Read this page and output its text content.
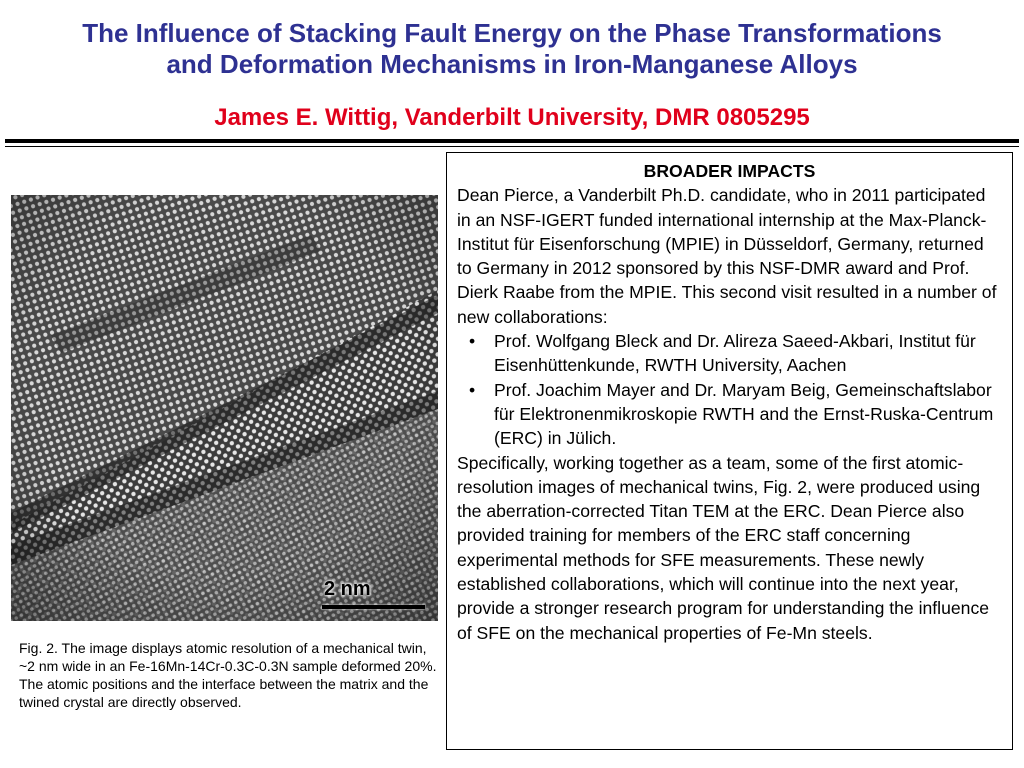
The Influence of Stacking Fault Energy on the Phase Transformations
and Deformation Mechanisms in Iron-Manganese Alloys
James E. Wittig, Vanderbilt University, DMR 0805295
2 nm
Fig. 2. The image displays atomic resolution of a mechanical twin, ~2 nm wide in an Fe-16Mn-14Cr-0.3C-0.3N sample deformed 20%. The atomic positions and the interface between the matrix and the twined crystal are directly observed.
BROADER IMPACTS

Dean Pierce, a Vanderbilt Ph.D. candidate, who in 2011 participated in an NSF-IGERT funded international internship at the Max-Planck-Institut für Eisenforschung (MPIE) in Düsseldorf, Germany, returned to Germany in 2012 sponsored by this NSF-DMR award and Prof. Dierk Raabe from the MPIE. This second visit resulted in a number of new collaborations:

• Prof. Wolfgang Bleck and Dr. Alireza Saeed-Akbari, Institut für Eisenhüttenkunde, RWTH University, Aachen
• Prof. Joachim Mayer and Dr. Maryam Beig, Gemeinschaftslabor für Elektronenmikroskopie RWTH and the Ernst-Ruska-Centrum (ERC) in Jülich.

Specifically, working together as a team, some of the first atomic-resolution images of mechanical twins, Fig. 2, were produced using the aberration-corrected Titan TEM at the ERC. Dean Pierce also provided training for members of the ERC staff concerning experimental methods for SFE measurements. These newly established collaborations, which will continue into the next year, provide a stronger research program for understanding the influence of SFE on the mechanical properties of Fe-Mn steels.
